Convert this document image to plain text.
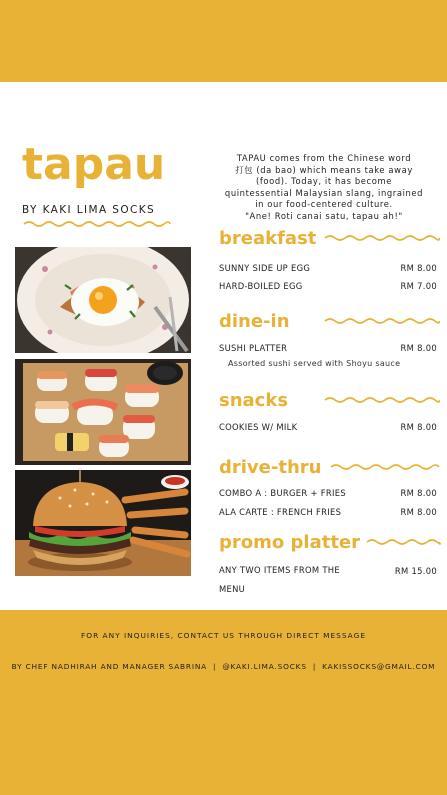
tapau
BY KAKI LIMA SOCKS
TAPAU comes from the Chinese word
打包 (da bao) which means take away
(food). Today, it has become
quintessential Malaysian slang, ingrained
in our food-centered culture.
"Ane! Roti canai satu, tapau ah!"
breakfast
SUNNY SIDE UP EGG	RM 8.00
HARD-BOILED EGG	RM 7.00
dine-in
SUSHI PLATTER	RM 8.00
Assorted sushi served with Shoyu sauce
snacks
COOKIES W/ MILK	RM 8.00
drive-thru
COMBO A : BURGER + FRIES	RM 8.00
ALA CARTE : FRENCH FRIES	RM 8.00
promo platter
ANY TWO ITEMS FROM THE MENU
RM 15.00
FOR ANY INQUIRIES, CONTACT US THROUGH DIRECT MESSAGE
BY CHEF NADHIRAH AND MANAGER SABRINA | @KAKI.LIMA.SOCKS | KAKISSOCKS@GMAIL.COM
